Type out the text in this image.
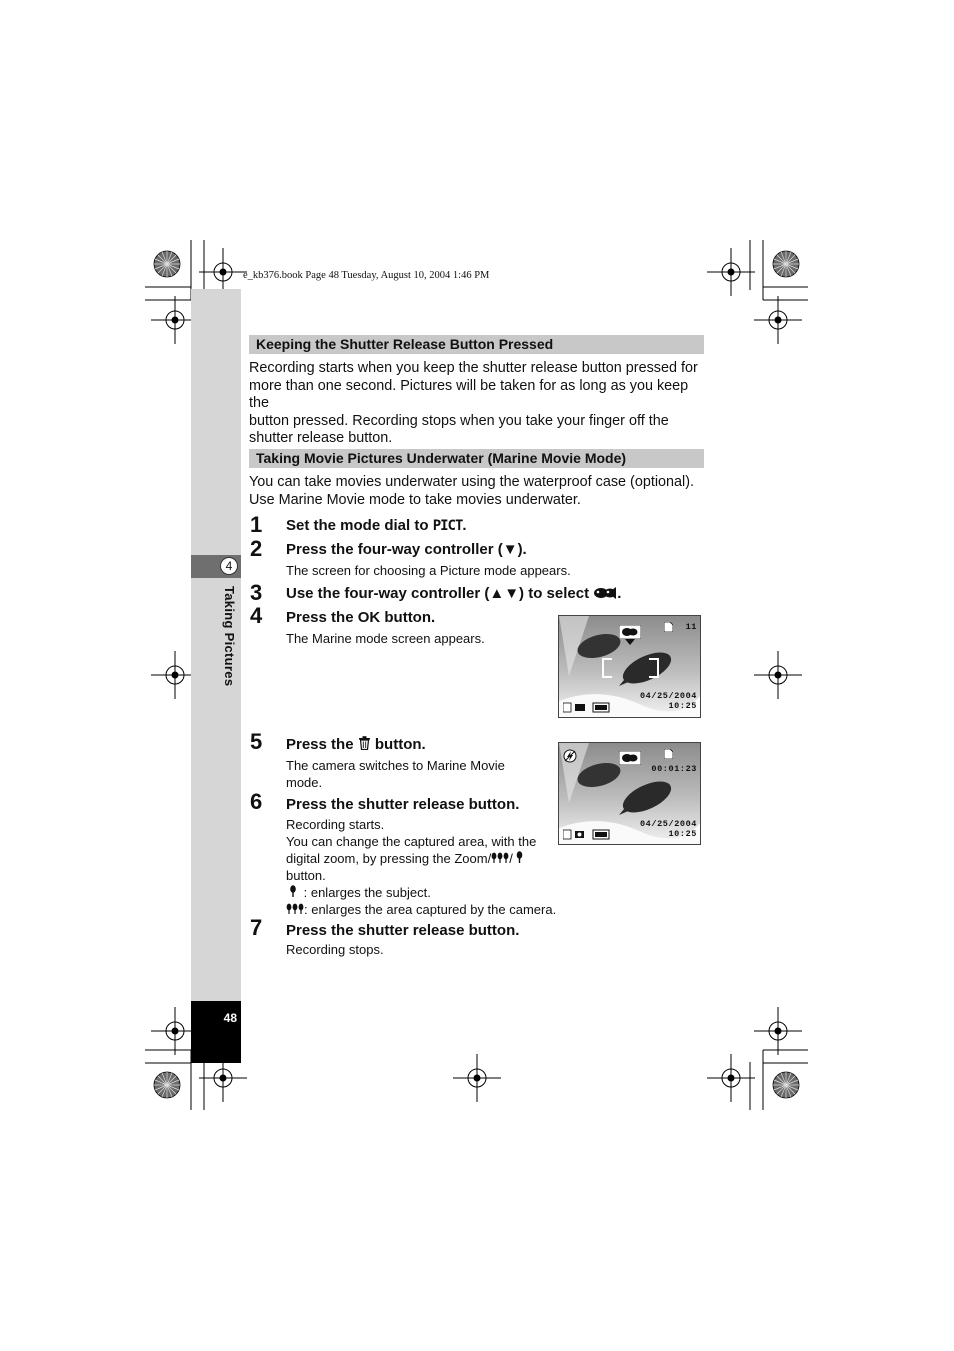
e_kb376.book Page 48 Tuesday, August 10, 2004 1:46 PM
4
Taking Pictures
48
Keeping the Shutter Release Button Pressed
Recording starts when you keep the shutter release button pressed for
more than one second. Pictures will be taken for as long as you keep the
button pressed. Recording stops when you take your finger off the
shutter release button.
Taking Movie Pictures Underwater (Marine Movie Mode)
You can take movies underwater using the waterproof case (optional).
Use Marine Movie mode to take movies underwater.
1 Set the mode dial to PICT.
2 Press the four-way controller (▼).
The screen for choosing a Picture mode appears.
3 Use the four-way controller (▲▼) to select .
4 Press the OK button.
The Marine mode screen appears.
11
04/25/2004
10:25
5 Press the  button.
The camera switches to Marine Movie
mode.
00:01:23
04/25/2004
10:25
6 Press the shutter release button.
Recording starts.
You can change the captured area, with the
digital zoom, by pressing the Zoom/ /
button.
: enlarges the subject.
: enlarges the area captured by the camera.
7 Press the shutter release button.
Recording stops.
